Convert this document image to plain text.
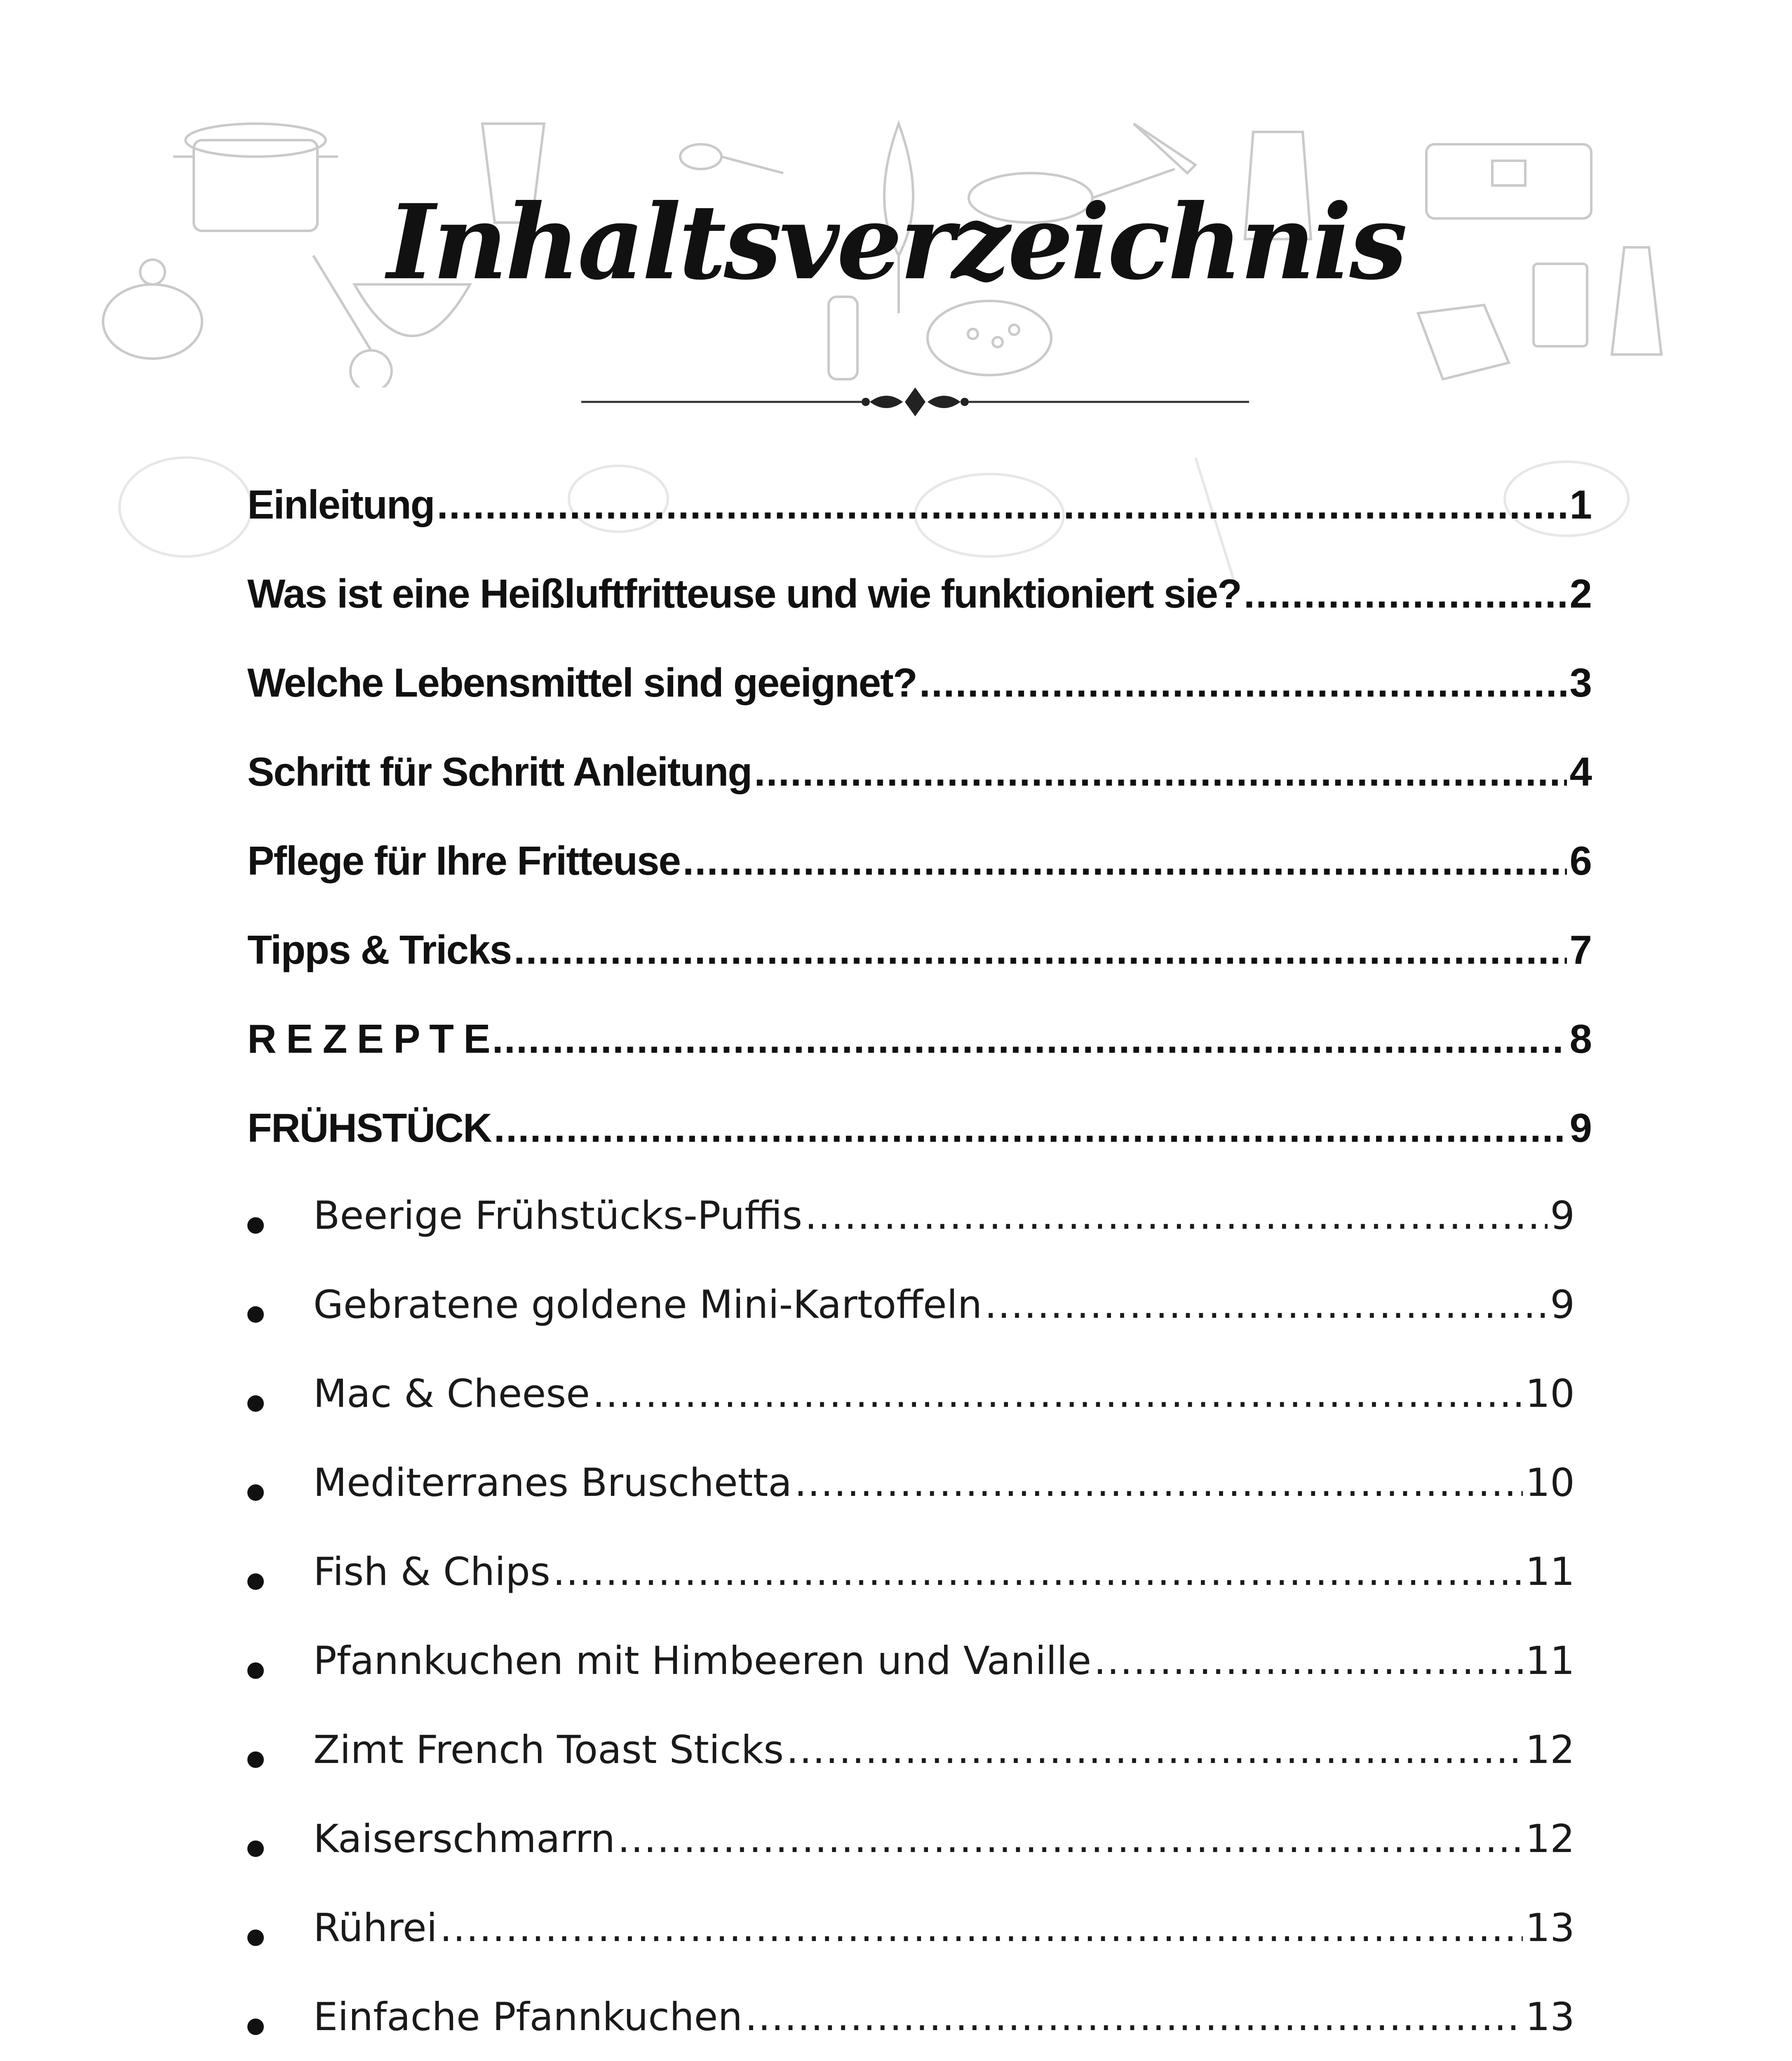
Inhaltsverzeichnis
Einleitung .....	1
Was ist eine Heißluftfritteuse und wie funktioniert sie? .....	2
Welche Lebensmittel sind geeignet? .....	3
Schritt für Schritt Anleitung .....	4
Pflege für Ihre Fritteuse .....	6
Tipps & Tricks .....	7
R E Z E P T E .....	8
FRÜHSTÜCK .....	9
Beerige Frühstücks-Puffis .....	9
Gebratene goldene Mini-Kartoffeln .....	9
Mac & Cheese .....	10
Mediterranes Bruschetta .....	10
Fish & Chips .....	11
Pfannkuchen mit Himbeeren und Vanille .....	11
Zimt French Toast Sticks .....	12
Kaiserschmarrn .....	12
Rührei .....	13
Einfache Pfannkuchen .....	13
